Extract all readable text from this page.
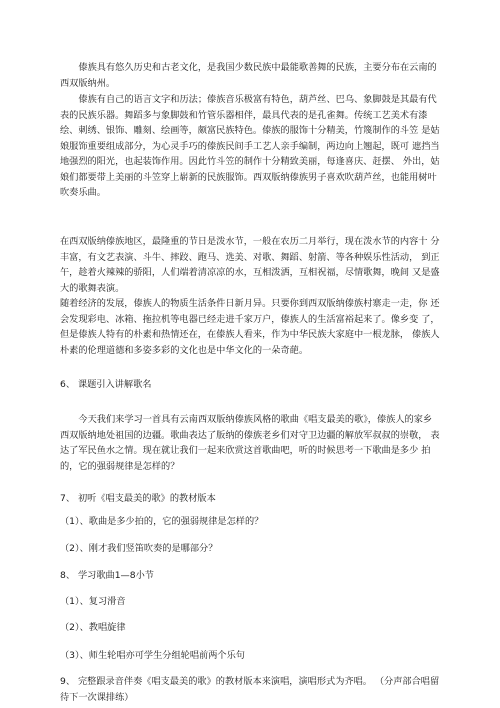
傣族具有悠久历史和古老文化，是我国少数民族中最能歌善舞的民族，主要分布在云南的 西双版纳州。

傣族有自己的语言文字和历法；傣族音乐极富有特色，葫芦丝、巴乌、象脚鼓是其最有代 表的民族乐器。舞蹈多与象脚鼓和竹管乐器相伴，最具代表的是孔雀舞。传统工艺美术有漆 绘、刺绣、银饰、雕刻、绘画等，颇富民族特色。傣族的服饰十分精美，竹篾制作的斗笠 是姑娘服饰重要组成部分，为心灵手巧的傣族民间手工艺人亲手编制，两边向上翘起，既可 遮挡当地强烈的阳光，也起装饰作用。因此竹斗笠的制作十分精致美丽，每逢喜庆、赶摆、 外出，姑娘们都要带上美丽的斗笠穿上崭新的民族服饰。西双版纳傣族男子喜欢吹葫芦丝，也能用树叶吹奏乐曲。

在西双版纳傣族地区，最隆重的节日是泼水节，一般在农历二月举行，现在泼水节的内容十 分丰富，有文艺表演、斗牛、摔跤、跑马、选美、对歌、舞蹈、射箭、等各种娱乐性活动， 到正午，趁着火辣辣的骄阳，人们端着清凉凉的水，互相泼洒，互相祝福，尽情歌舞，晚间 又是盛大的歌舞表演。

随着经济的发展，傣族人的物质生活条件日新月异。只要你到西双版纳傣族村寨走一走，你 还会发现彩电、冰箱、拖拉机等电器已经走进千家万户，傣族人的生活富裕起来了。像乡变 了，但是傣族人特有的朴素和热情还在，在傣族人看来，作为中华民族大家庭中一根龙脉， 傣族人朴素的伦理道德和多姿多彩的文化也是中华文化的一朵奇葩。

6、 课题引入讲解歌名

今天我们来学习一首具有云南西双版纳傣族风格的歌曲《唱支最美的歌》，傣族人的家乡 西双版纳地处祖国的边疆。歌曲表达了版纳的傣族老乡们对守卫边疆的解放军叔叔的崇敬， 表达了军民鱼水之情。现在就让我们一起来欣赏这首歌曲吧，听的时候思考一下歌曲是多少 拍的，它的强弱规律是怎样的？

7、 初听《唱支最美的歌》的教材版本

（1）、歌曲是多少拍的，它的强弱规律是怎样的？

（2）、刚才我们竖笛吹奏的是哪部分？

8、 学习歌曲1—8小节

（1）、复习滑音

（2）、教唱旋律

（3）、师生轮唱亦可学生分组轮唱前两个乐句

9、 完整跟录音伴奏《唱支最美的歌》的教材版本来演唱，演唱形式为齐唱。 （分声部合唱留待下一次课排练）
